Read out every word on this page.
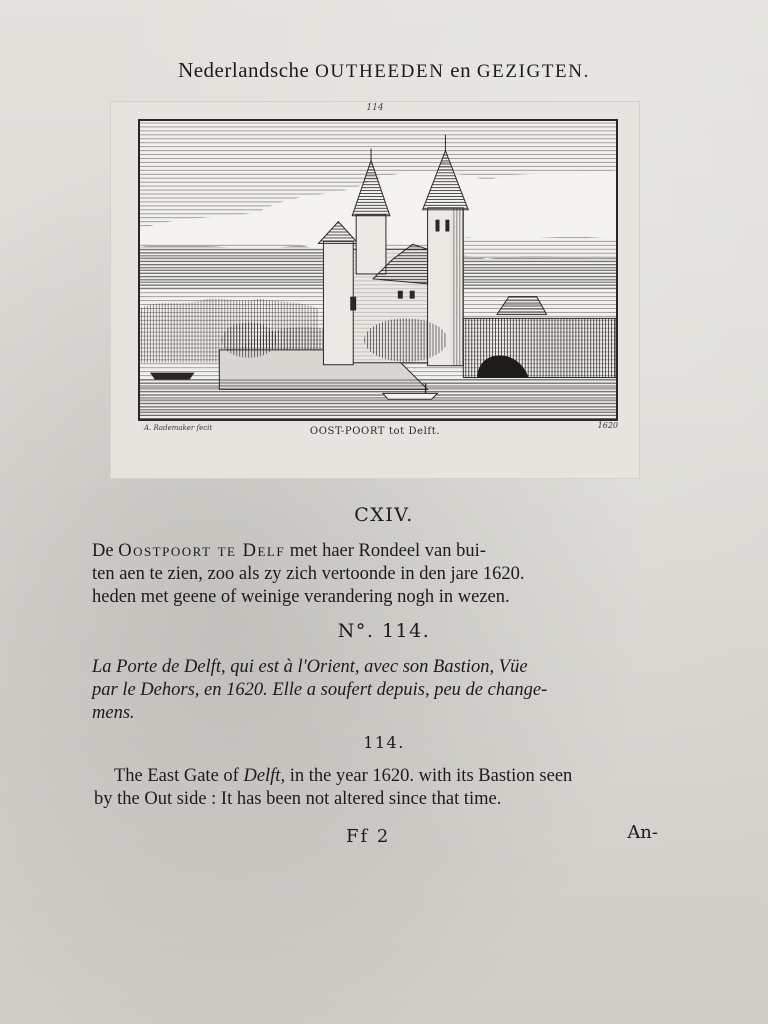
Nederlandsche OUTHEEDEN en GEZIGTEN.
114
A. Rademaker fecit	OOST-POORT tot Delft.
1620
CXIV.
De Oostpoort te Delf met haer Rondeel van bui-
ten aen te zien, zoo als zy zich vertoonde in den jare 1620.
heden met geene of weinige verandering nogh in wezen.
N°. 114.
La Porte de Delft, qui est à l'Orient, avec son Bastion, Vüe
par le Dehors, en 1620. Elle a soufert depuis, peu de change-
mens.
114.
The East Gate of Delft, in the year 1620. with its Bastion seen
by the Out side : It has been not altered since that time.
Ff 2	An-
